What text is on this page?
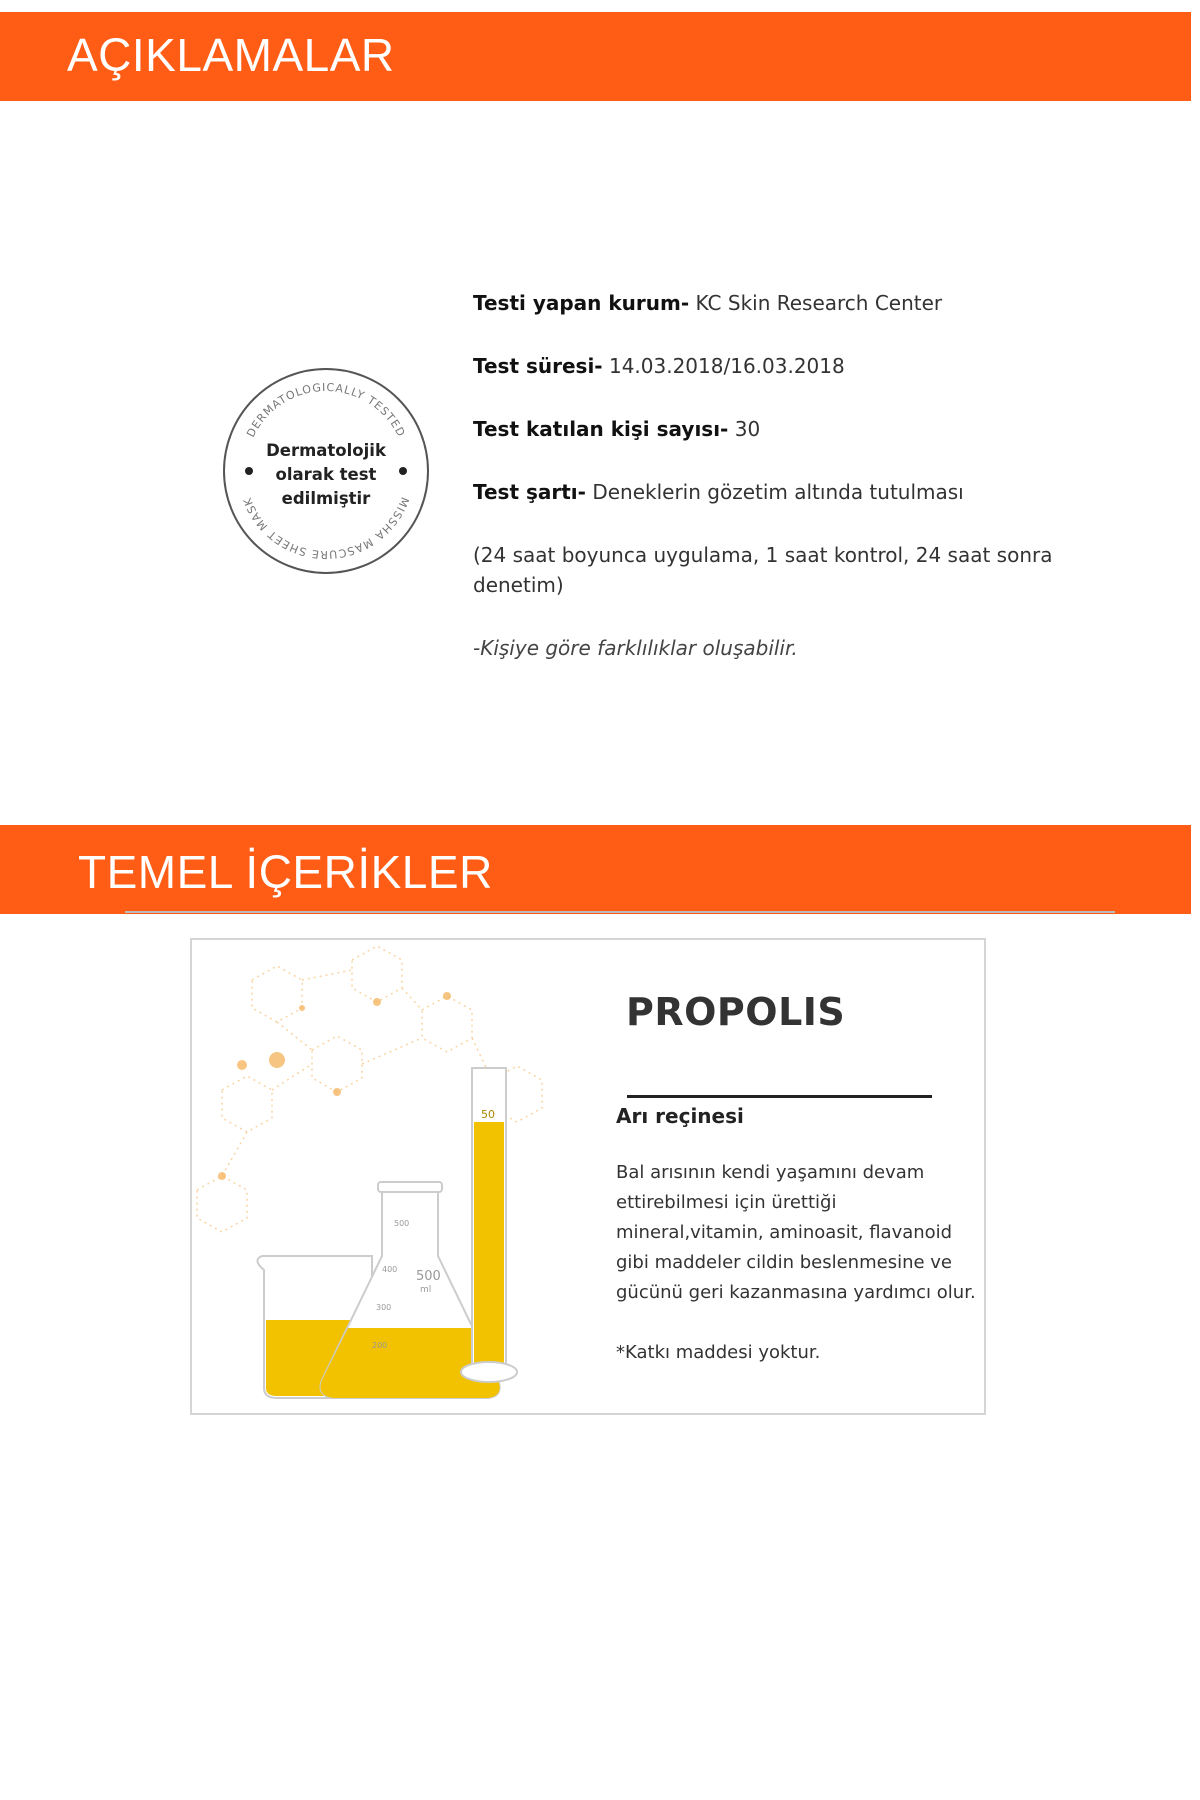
AÇIKLAMALAR
DERMATOLOGICALLY TESTED
MISSHA MASCURE SHEET MASK
Dermatolojik
olarak test
edilmiştir

Testi yapan kurum- KC Skin Research Center

Test süresi- 14.03.2018/16.03.2018

Test katılan kişi sayısı- 30

Test şartı- Deneklerin gözetim altında tutulması

(24 saat boyunca uygulama, 1 saat kontrol, 24 saat sonra denetim)

-Kişiye göre farklılıklar oluşabilir.

TEMEL İÇERİKLER
500
400 500
ml
300
200
50
PROPOLIS
Arı reçinesi
Bal arısının kendi yaşamını devam ettirebilmesi için ürettiği mineral,vitamin, aminoasit, flavanoid gibi maddeler cildin beslenmesine ve gücünü geri kazanmasına yardımcı olur.
*Katkı maddesi yoktur.
